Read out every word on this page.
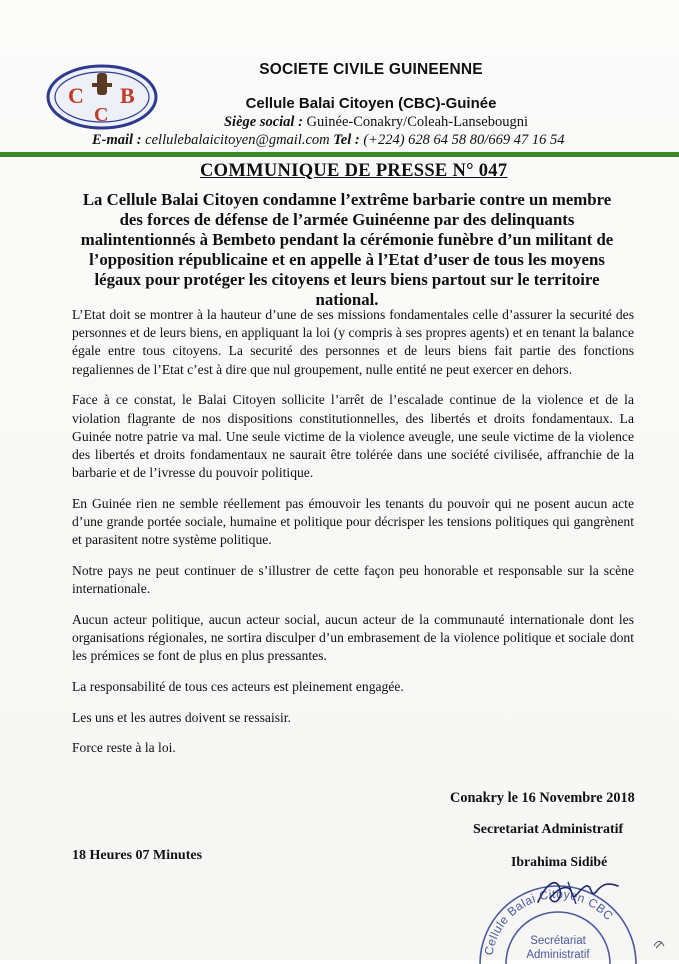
C
C
B
SOCIETE CIVILE GUINEENNE
Cellule Balai Citoyen (CBC)-Guinée
Siège social : Guinée-Conakry/Coleah-Lansebougni
E-mail : cellulebalaicitoyen@gmail.com Tel : (+224) 628 64 58 80/669 47 16 54
COMMUNIQUE DE PRESSE N° 047
La Cellule Balai Citoyen condamne l’extrême barbarie contre un membre des forces de défense de l’armée Guinéenne par des delinquants malintentionnés à Bembeto pendant la cérémonie funèbre d’un militant de l’opposition républicaine et en appelle à l’Etat d’user de tous les moyens légaux pour protéger les citoyens et leurs biens partout sur le territoire national.

L’Etat doit se montrer à la hauteur d’une de ses missions fondamentales celle d’assurer la securité des personnes et de leurs biens, en appliquant la loi (y compris à ses propres agents) et en tenant la balance égale entre tous citoyens. La securité des personnes et de leurs biens fait partie des fonctions regaliennes de l’Etat c’est à dire que nul groupement, nulle entité ne peut exercer en dehors.

Face à ce constat, le Balai Citoyen sollicite l’arrêt de l’escalade continue de la violence et de la violation flagrante de nos dispositions constitutionnelles, des libertés et droits fondamentaux. La Guinée notre patrie va mal. Une seule victime de la violence aveugle, une seule victime de la violence des libertés et droits fondamentaux ne saurait être tolérée dans une société civilisée, affranchie de la barbarie et de l’ivresse du pouvoir politique.

En Guinée rien ne semble réellement pas émouvoir les tenants du pouvoir qui ne posent aucun acte d’une grande portée sociale, humaine et politique pour décrisper les tensions politiques qui gangrènent et parasitent notre système politique.

Notre pays ne peut continuer de s’illustrer de cette façon peu honorable et responsable sur la scène internationale.

Aucun acteur politique, aucun acteur social, aucun acteur de la communauté internationale dont les organisations régionales, ne sortira disculper d’un embrasement de la violence politique et sociale dont les prémices se font de plus en plus pressantes.

La responsabilité de tous ces acteurs est pleinement engagée.

Les uns et les autres doivent se ressaisir.

Force reste à la loi.

Conakry le 16 Novembre 2018
Secretariat Administratif
18 Heures 07 Minutes	Ibrahima Sidibé
Cellule Balai Citoyen CBC
Secrétariat
Administratif
